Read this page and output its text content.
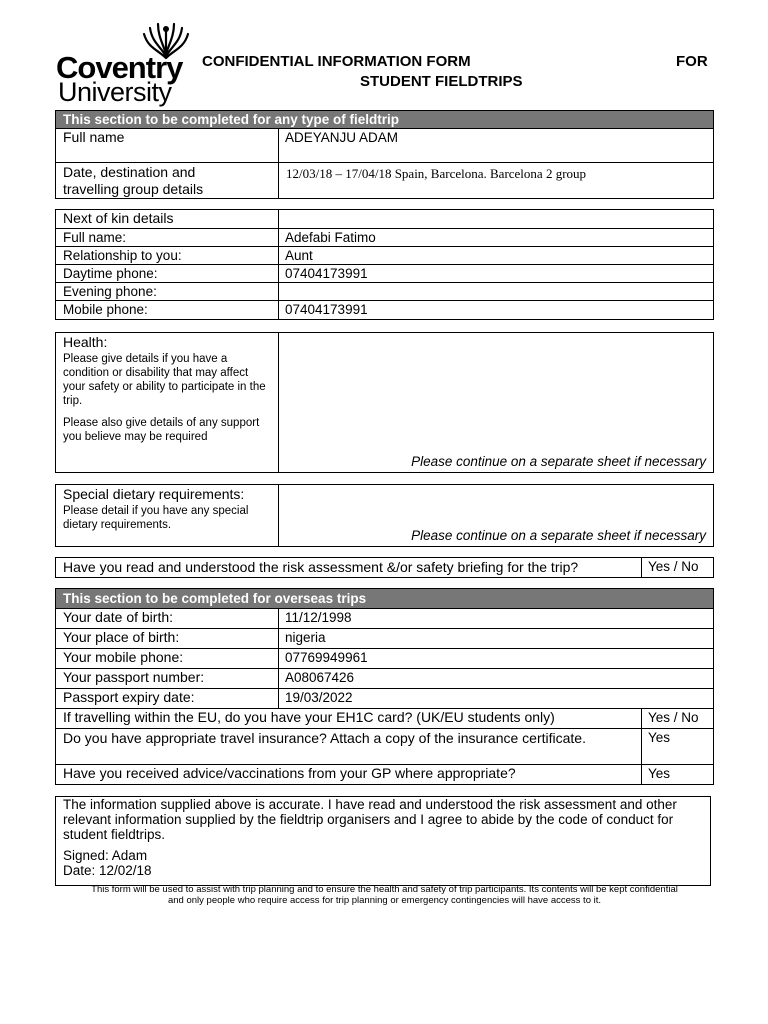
Coventry
University
CONFIDENTIAL INFORMATION FORM	FOR
STUDENT FIELDTRIPS
This section to be completed for any type of fieldtrip	
Full name	ADEYANJU ADAM

Date, destination and
travelling group details	12/03/18 – 17/04/18 Spain, Barcelona. Barcelona 2 group
Next of kin details	
Full name:	Adefabi Fatimo
Relationship to you:	Aunt
Daytime phone:	07404173991
Evening phone:	
Mobile phone:	07404173991
Health:
Please give details if you have a condition or disability that may affect your safety or ability to participate in the trip.
Please also give details of any support you believe may be required

Please continue on a separate sheet if necessary
Special dietary requirements:
Please detail if you have any special dietary requirements.

Please continue on a separate sheet if necessary
Have you read and understood the risk assessment &/or safety briefing for the trip?	Yes / No
This section to be completed for overseas trips		
Your date of birth:	11/12/1998	
Your place of birth:	nigeria	
Your mobile phone:	07769949961	
Your passport number:	A08067426	
Passport expiry date:	19/03/2022	
If travelling within the EU, do you have your EH1C card? (UK/EU students only)		Yes / No
Do you have appropriate travel insurance? Attach a copy of the insurance certificate.		Yes
Have you received advice/vaccinations from your GP where appropriate?		Yes
The information supplied above is accurate. I have read and understood the risk assessment and other relevant information supplied by the fieldtrip organisers and I agree to abide by the code of conduct for student fieldtrips.
Signed: Adam
Date: 12/02/18
This form will be used to assist with trip planning and to ensure the health and safety of trip participants. Its contents will be kept confidential
and only people who require access for trip planning or emergency contingencies will have access to it.
